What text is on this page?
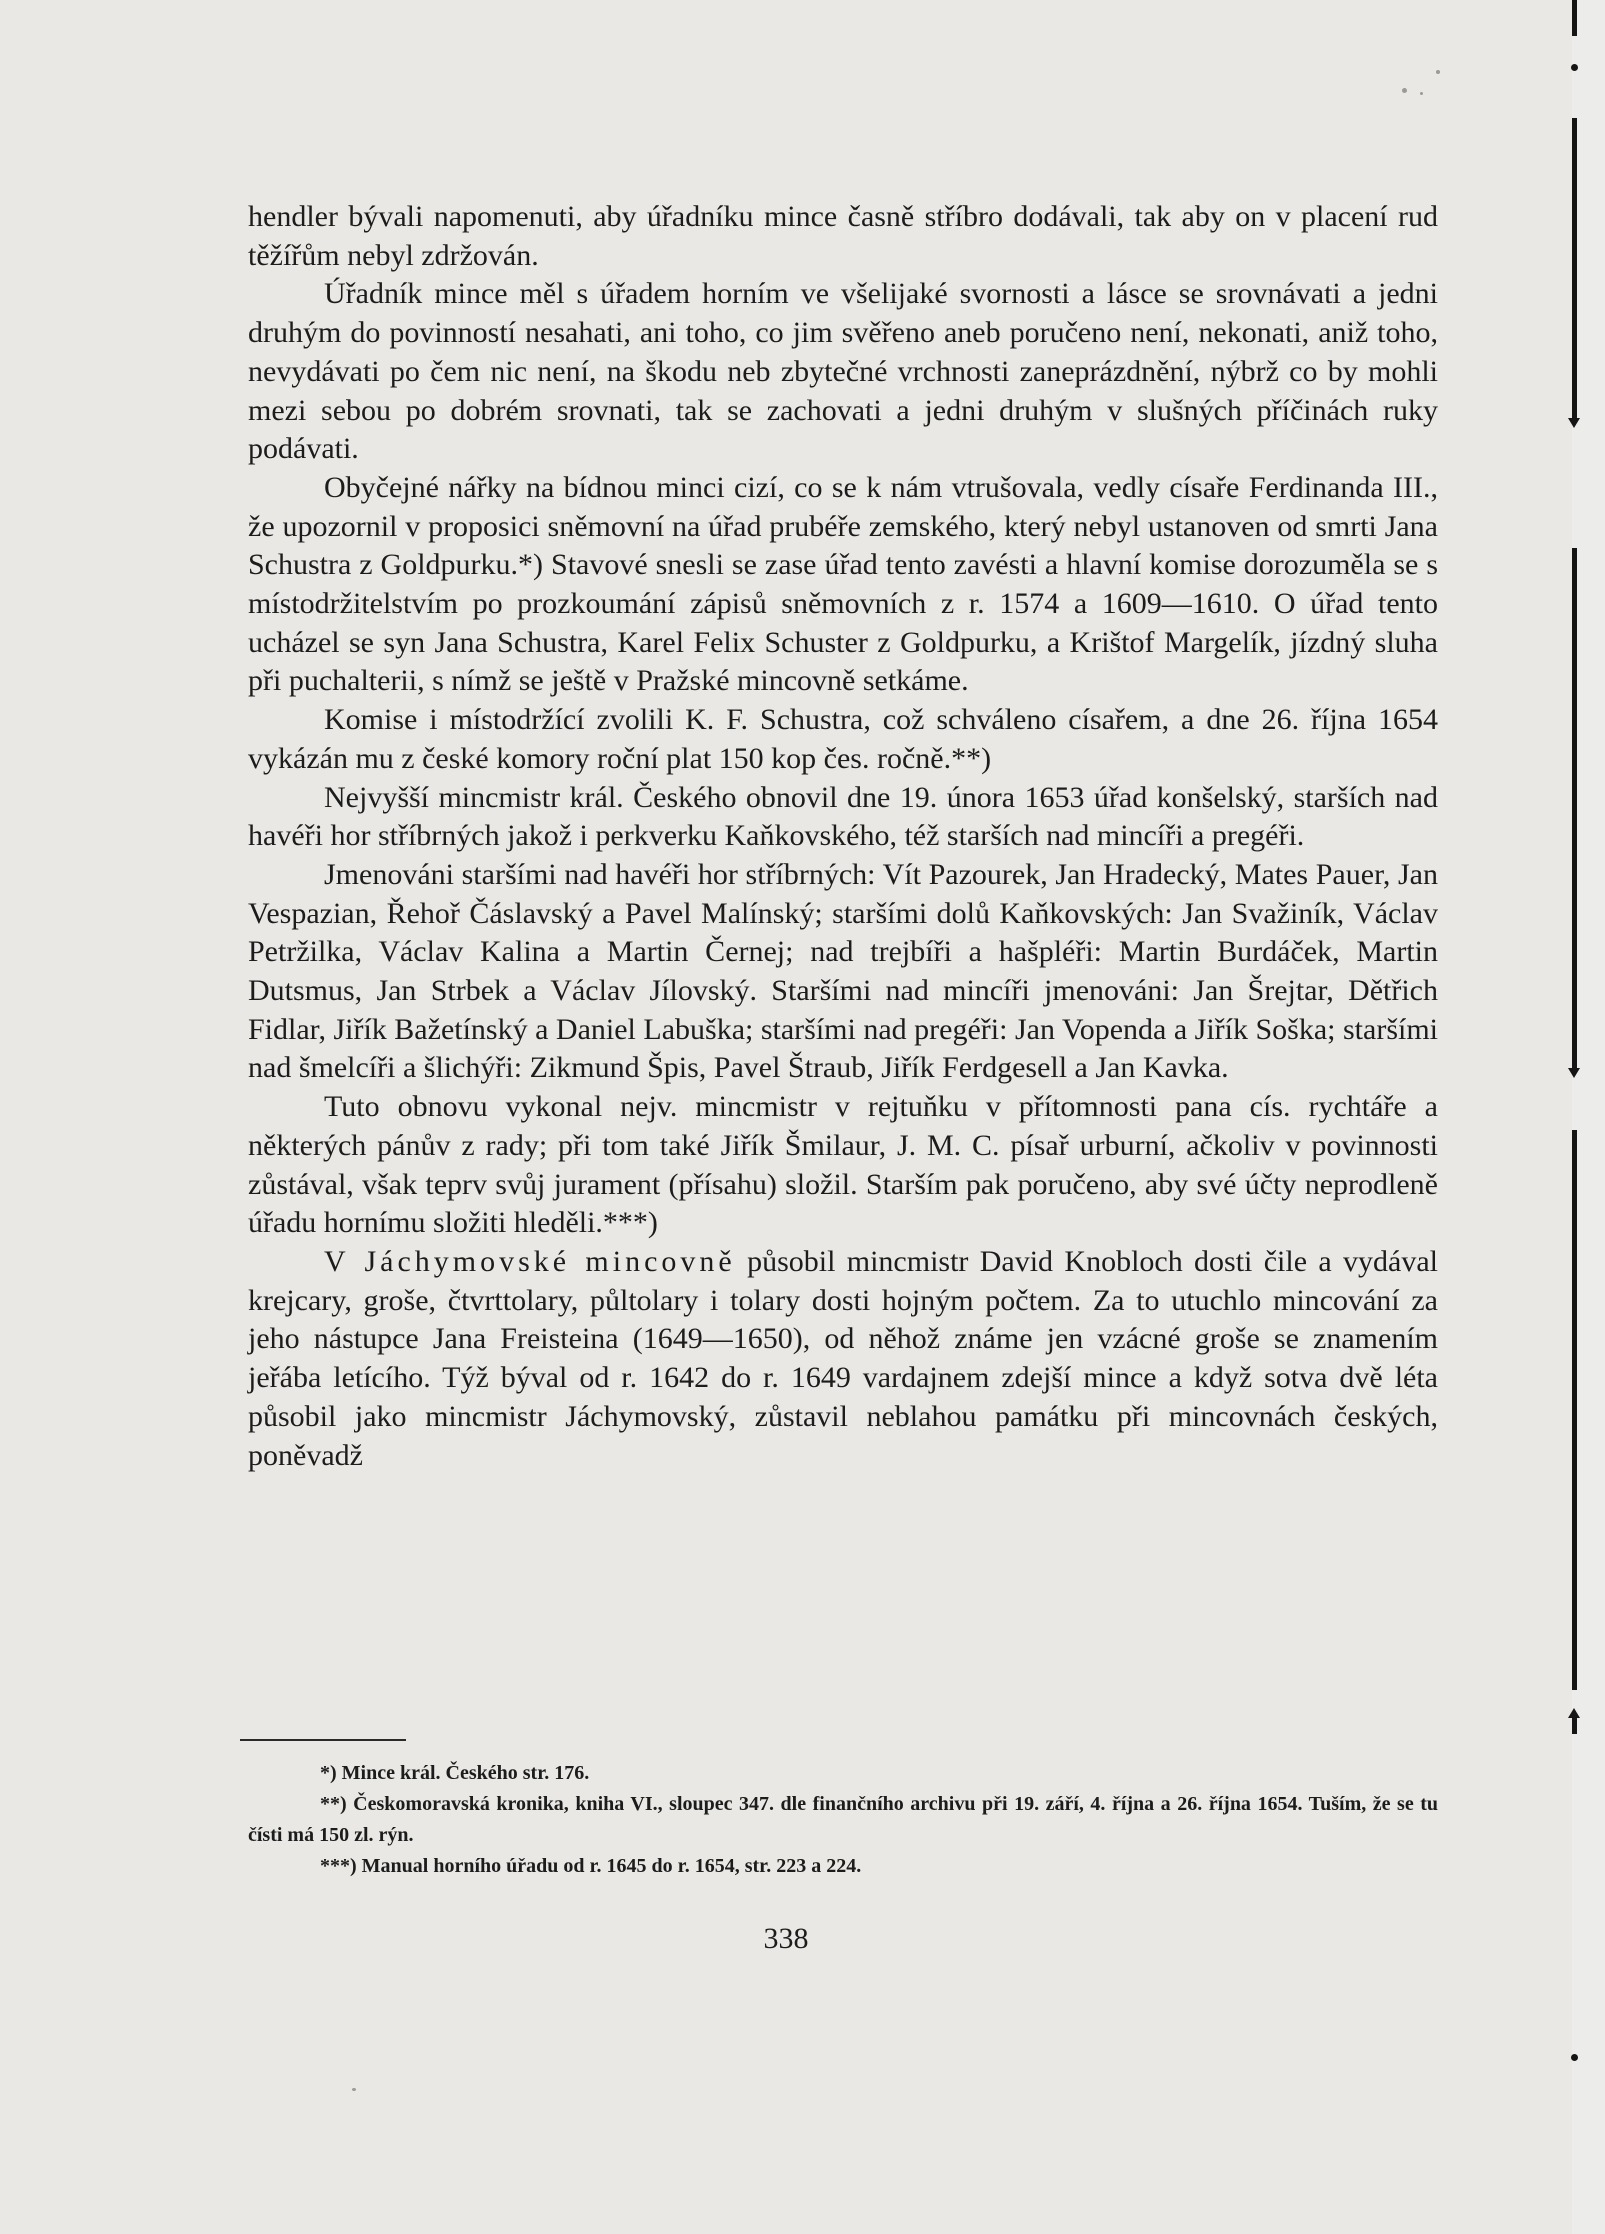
hendler bývali napomenuti, aby úřadníku mince časně stříbro dodávali, tak aby on v placení rud těžířům nebyl zdržován.

Úřadník mince měl s úřadem horním ve všelijaké svornosti a lásce se srovnávati a jedni druhým do povinností nesahati, ani toho, co jim svěřeno aneb poručeno není, nekonati, aniž toho, nevydávati po čem nic není, na škodu neb zbytečné vrchnosti zaneprázdnění, nýbrž co by mohli mezi sebou po dobrém srovnati, tak se zachovati a jedni druhým v slušných příčinách ruky podávati.

Obyčejné nářky na bídnou minci cizí, co se k nám vtrušovala, vedly císaře Ferdinanda III., že upozornil v proposici sněmovní na úřad prubéře zemského, který nebyl ustanoven od smrti Jana Schustra z Goldpurku.*) Stavové snesli se zase úřad tento zavésti a hlavní komise dorozuměla se s místodržitelstvím po prozkoumání zápisů sněmovních z r. 1574 a 1609—1610. O úřad tento ucházel se syn Jana Schustra, Karel Felix Schuster z Goldpurku, a Krištof Margelík, jízdný sluha při puchalterii, s nímž se ještě v Pražské mincovně setkáme.

Komise i místodržící zvolili K. F. Schustra, což schváleno císařem, a dne 26. října 1654 vykázán mu z české komory roční plat 150 kop čes. ročně.**)

Nejvyšší mincmistr král. Českého obnovil dne 19. února 1653 úřad konšelský, starších nad havéři hor stříbrných jakož i perkverku Kaňkovského, též starších nad mincíři a pregéři.

Jmenováni staršími nad havéři hor stříbrných: Vít Pazourek, Jan Hradecký, Mates Pauer, Jan Vespazian, Řehoř Čáslavský a Pavel Malínský; staršími dolů Kaňkovských: Jan Svažiník, Václav Petržilka, Václav Kalina a Martin Černej; nad trejbíři a hašpléři: Martin Burdáček, Martin Dutsmus, Jan Strbek a Václav Jílovský. Staršími nad mincíři jmenováni: Jan Šrejtar, Dětřich Fidlar, Jiřík Bažetínský a Daniel Labuška; staršími nad pregéři: Jan Vopenda a Jiřík Soška; staršími nad šmelcíři a šlichýři: Zikmund Špis, Pavel Štraub, Jiřík Ferdgesell a Jan Kavka.

Tuto obnovu vykonal nejv. mincmistr v rejtuňku v přítomnosti pana cís. rychtáře a některých pánův z rady; při tom také Jiřík Šmilaur, J. M. C. písař urburní, ačkoliv v povinnosti zůstával, však teprv svůj jurament (přísahu) složil. Starším pak poručeno, aby své účty neprodleně úřadu hornímu složiti hleděli.***)

V Jáchymovské mincovně působil mincmistr David Knobloch dosti čile a vydával krejcary, groše, čtvrttolary, půltolary i tolary dosti hojným počtem. Za to utuchlo mincování za jeho nástupce Jana Freisteina (1649—1650), od něhož známe jen vzácné groše se znamením jeřába letícího. Týž býval od r. 1642 do r. 1649 vardajnem zdejší mince a když sotva dvě léta působil jako mincmistr Jáchymovský, zůstavil neblahou památku při mincovnách českých, poněvadž

*) Mince král. Českého str. 176.

**) Českomoravská kronika, kniha VI., sloupec 347. dle finančního archivu při 19. září, 4. října a 26. října 1654. Tuším, že se tu čísti má 150 zl. rýn.

***) Manual horního úřadu od r. 1645 do r. 1654, str. 223 a 224.

338
